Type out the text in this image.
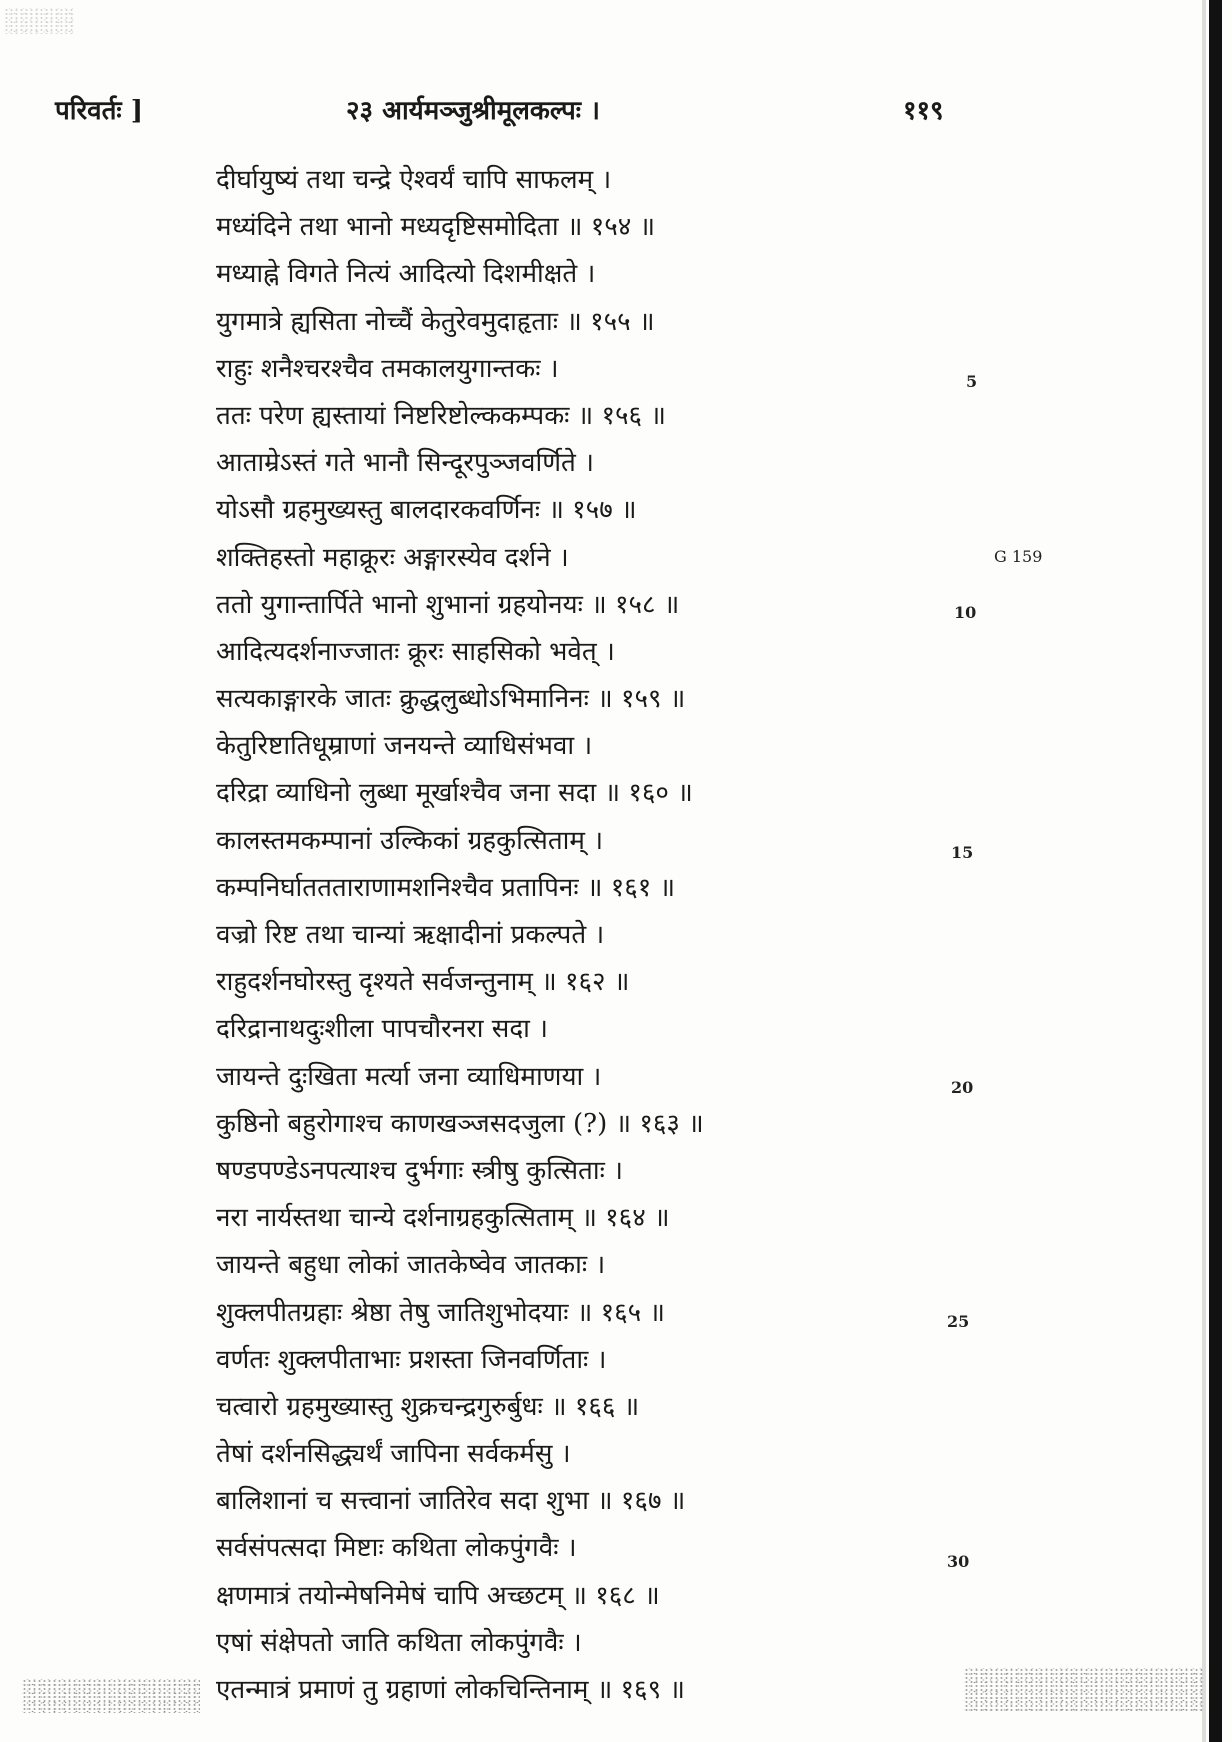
परिवर्तः ]	२३ आर्यमञ्जुश्रीमूलकल्पः ।	११९
दीर्घायुष्यं तथा चन्द्रे ऐश्वर्यं चापि साफलम् ।
मध्यंदिने तथा भानो मध्यदृष्टिसमोदिता ॥ १५४ ॥
मध्याह्ने विगते नित्यं आदित्यो दिशमीक्षते ।
युगमात्रे ह्यसिता नोच्चैं केतुरेवमुदाहृताः ॥ १५५ ॥
राहुः शनैश्चरश्चैव तमकालयुगान्तकः ।
ततः परेण ह्यस्तायां निष्टरिष्टोल्ककम्पकः ॥ १५६ ॥
आताम्रेऽस्तं गते भानौ सिन्दूरपुञ्जवर्णिते ।
योऽसौ ग्रहमुख्यस्तु बालदारकवर्णिनः ॥ १५७ ॥
शक्तिहस्तो महाक्रूरः अङ्गारस्येव दर्शने ।
ततो युगान्तार्पिते भानो शुभानां ग्रहयोनयः ॥ १५८ ॥
आदित्यदर्शनाज्जातः क्रूरः साहसिको भवेत् ।
सत्यकाङ्गारके जातः क्रुद्धलुब्धोऽभिमानिनः ॥ १५९ ॥
केतुरिष्टातिधूम्राणां जनयन्ते व्याधिसंभवा ।
दरिद्रा व्याधिनो लुब्धा मूर्खाश्चैव जना सदा ॥ १६० ॥
कालस्तमकम्पानां उल्किकां ग्रहकुत्सिताम् ।
कम्पनिर्घाततताराणामशनिश्चैव प्रतापिनः ॥ १६१ ॥
वज्रो रिष्ट तथा चान्यां ऋक्षादीनां प्रकल्पते ।
राहुदर्शनघोरस्तु दृश्यते सर्वजन्तुनाम् ॥ १६२ ॥
दरिद्रानाथदुःशीला पापचौरनरा सदा ।
जायन्ते दुःखिता मर्त्या जना व्याधिमाणया ।
कुष्ठिनो बहुरोगाश्च काणखञ्जसदजुला (?) ॥ १६३ ॥
षण्डपण्डेऽनपत्याश्च दुर्भगाः स्त्रीषु कुत्सिताः ।
नरा नार्यस्तथा चान्ये दर्शनाग्रहकुत्सिताम् ॥ १६४ ॥
जायन्ते बहुधा लोकां जातकेष्वेव जातकाः ।
शुक्लपीतग्रहाः श्रेष्ठा तेषु जातिशुभोदयाः ॥ १६५ ॥
वर्णतः शुक्लपीताभाः प्रशस्ता जिनवर्णिताः ।
चत्वारो ग्रहमुख्यास्तु शुक्रचन्द्रगुरुर्बुधः ॥ १६६ ॥
तेषां दर्शनसिद्ध्यर्थं जापिना सर्वकर्मसु ।
बालिशानां च सत्त्वानां जातिरेव सदा शुभा ॥ १६७ ॥
सर्वसंपत्सदा मिष्टाः कथिता लोकपुंगवैः ।
क्षणमात्रं तयोन्मेषनिमेषं चापि अच्छटम् ॥ १६८ ॥
एषां संक्षेपतो जाति कथिता लोकपुंगवैः ।
एतन्मात्रं प्रमाणं तु ग्रहाणां लोकचिन्तिनाम् ॥ १६९ ॥
5
G 159
10
15
20
25
30
